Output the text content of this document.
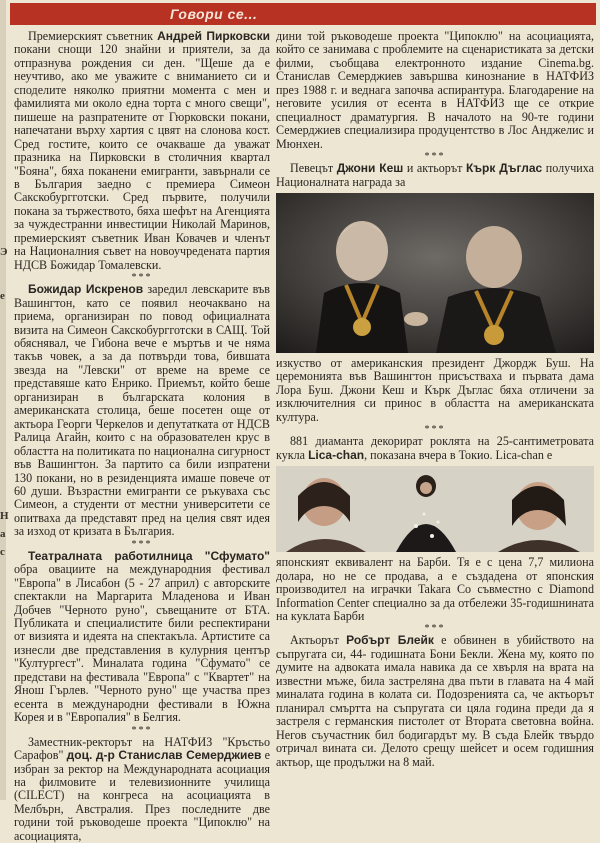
Э
е
Н
а
с
Говори се...

Премиерският съветник Андрей Пирковски покани снощи 120 знайни и приятели, за да отпразнува рождения си ден. "Щеше да е неучтиво, ако ме уважите с вниманието си и споделите няколко приятни момента с мен и фамилията ми около една торта с много свещи", пишеше на разпратените от Гюрковски покани, напечатани върху хартия с цвят на слонова кост. Сред гостите, които се очакваше да уважат празника на Пирковски в столичния квартал "Бояна", бяха поканени емигранти, завърнали се в България заедно с премиера Симеон Сакскобургготски. Сред първите, получили покана за тържеството, бяха шефът на Агенцията за чуждестранни инвестиции Николай Маринов, премиерският съветник Иван Ковачев и членът на Националния съвет на новоучредената партия НДСВ Божидар Томалевски.

***

Божидар Искренов заредил левскарите във Вашингтон, като се появил неочаквано на приема, организиран по повод официалната визита на Симеон Сакскобургготски в САЩ. Той обяснявал, че Гибона вече е мъртъв и че няма такъв човек, а за да потвърди това, бившата звезда на "Левски" от време на време се представяше като Енрико. Приемът, който беше организиран в българската колония в американската столица, беше посетен още от актьора Георги Черкелов и депутатката от НДСВ Ралица Агайн, които с на образователен крус в областта на политиката по национална сигурност във Вашингтон. За партито са били изпратени 130 покани, но в резиденцията имаше повече от 60 души. Възрастни емигранти се ръкуваха със Симеон, а студенти от местни университети се опитваха да представят пред на целия свят идея за изход от кризата в България.

***

Театралната работилница "Сфумато" обра овациите на международния фестивал "Европа" в Лисабон (5 - 27 април) с авторските спектакли на Маргарита Младенова и Иван Добчев "Черното руно", съвещаните от БТА. Публиката и специалистите били респектирани от визията и идеята на спектакъла. Артистите са изнесли две представления в кулурния център "Култургест". Миналата година "Сфумато" се представи на фестивала "Европа" с "Квартет" на Янош Гърлев. "Черното руно" ще участва през есента в международни фестивали в Южна Корея и в "Европалия" в Белгия.

***

Заместник-ректорът на НАТФИЗ "Кръстьо Сарафов" доц. д-р Станислав Семерджиев е избран за ректор на Международната асоциация на филмовите и телевизионните училища (CILECT) на конгреса на асоциацията в Мелбърн, Австралия. През последните две години той ръководеше проекта "Ципоклю" на асоциацията,

дини той ръководеше проекта "Ципоклю" на асоциацията, който се занимава с проблемите на сценаристиката за детски филми, съобщава електронното издание Cinema.bg. Станислав Семерджиев завършва кинознание в НАТФИЗ през 1988 г. и веднага започва аспирантура. Благодарение на неговите усилия от есента в НАТФИЗ ще се открие специалност драматургия. В началото на 90-те години Семерджиев специализира продуцентство в Лос Анджелис и Мюнхен.

***

Певецът Джони Кеш и актьорът Кърк Дъглас получиха Националната награда за

изкуство от американския президент Джордж Буш. На церемонията във Вашингтон присъстваха и първата дама Лора Буш. Джони Кеш и Кърк Дъглас бяха отличени за изключителния си принос в областта на американската култура.

***

881 диаманта декорират роклята на 25-сантиметровата кукла Lica-chan, показана вчера в Токио. Lica-chan е

японският еквивалент на Барби. Тя е с цена 7,7 милиона долара, но не се продава, а е създадена от японския производител на играчки Takara Co съвместно с Diamond Information Center специално за да отбележи 35-годишнината на куклата Барби

***

Актьорът Робърт Блейк е обвинен в убийството на съпругата си, 44- годишната Бони Бекли. Жена му, която по думите на адвоката имала навика да се хвърля на врата на известни мъже, била застреляна два пъти в главата на 4 май миналата година в колата си. Подозренията са, че актьорът планирал смъртта на съпругата си цяла година преди да я застреля с германския пистолет от Втората световна война. Негов съучастник бил бодигардът му. В съда Блейк твърдо отричал вината си. Делото срещу шейсет и осем годишния актьор, ще продължи на 8 май.
